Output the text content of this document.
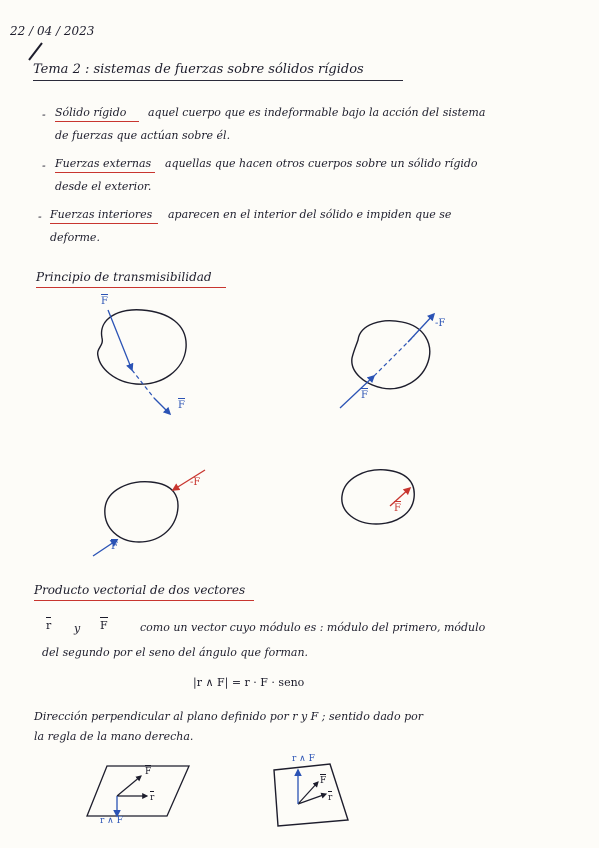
22 / 04 / 2023
Tema 2 : sistemas de fuerzas sobre sólidos rígidos
- Sólido rígido aquel cuerpo que es indeformable bajo la acción del sistema
de fuerzas que actúan sobre él.
- Fuerzas externas aquellas que hacen otros cuerpos sobre un sólido rígido
desde el exterior.
- Fuerzas interiores aparecen en el interior del sólido e impiden que se
deforme.
Principio de transmisibilidad
F
F
-F
F
-F
F
F
Producto vectorial de dos vectores
r y F	como un vector cuyo módulo es : módulo del primero, módulo
del segundo por el seno del ángulo que forman.
|r ∧ F| = r · F · seno
Dirección perpendicular al plano definido por r y F ; sentido dado por
la regla de la mano derecha.
r
F
r ∧ F
r ∧ F
F
r
